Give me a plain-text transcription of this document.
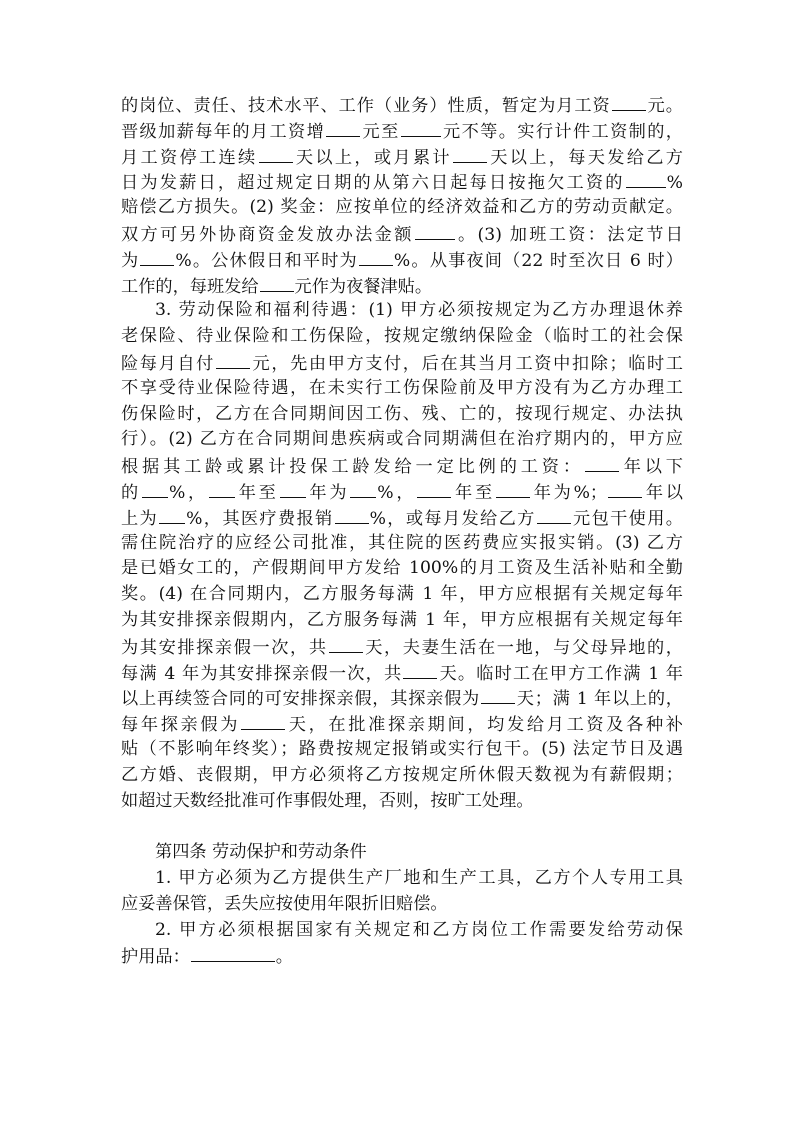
的岗位、责任、技术水平、工作（业务）性质，暂定为月工资 元。
晋级加薪每年的月工资增 元至 元不等。实行计件工资制的，
月工资停工连续 天以上，或月累计 天以上，每天发给乙方
日为发薪日，超过规定日期的从第六日起每日按拖欠工资的 %
赔偿乙方损失。(2) 奖金：应按单位的经济效益和乙方的劳动贡献定。
双方可另外协商资金发放办法金额 。(3) 加班工资：法定节日
为 %。公休假日和平时为 %。从事夜间（22 时至次日 6 时）
工作的，每班发给 元作为夜餐津贴。
3. 劳动保险和福利待遇：(1) 甲方必须按规定为乙方办理退休养
老保险、待业保险和工伤保险，按规定缴纳保险金（临时工的社会保
险每月自付 元，先由甲方支付，后在其当月工资中扣除；临时工
不享受待业保险待遇，在未实行工伤保险前及甲方没有为乙方办理工
伤保险时，乙方在合同期间因工伤、残、亡的，按现行规定、办法执
行）。(2) 乙方在合同期间患疾病或合同期满但在治疗期内的，甲方应
根据其工龄或累计投保工龄发给一定比例的工资： 年以下
的 %， 年至 年为 %， 年至 年为%； 年以
上为 %，其医疗费报销 %，或每月发给乙方 元包干使用。
需住院治疗的应经公司批准，其住院的医药费应实报实销。(3) 乙方
是已婚女工的，产假期间甲方发给 100%的月工资及生活补贴和全勤
奖。(4) 在合同期内，乙方服务每满 1 年，甲方应根据有关规定每年
为其安排探亲假期内，乙方服务每满 1 年，甲方应根据有关规定每年
为其安排探亲假一次，共 天，夫妻生活在一地，与父母异地的，
每满 4 年为其安排探亲假一次，共 天。临时工在甲方工作满 1 年
以上再续签合同的可安排探亲假，其探亲假为 天；满 1 年以上的，
每年探亲假为	天，在批准探亲期间，均发给月工资及各种补
贴（不影响年终奖）；路费按规定报销或实行包干。(5) 法定节日及遇
乙方婚、丧假期，甲方必须将乙方按规定所休假天数视为有薪假期；
如超过天数经批准可作事假处理，否则，按旷工处理。
第四条 劳动保护和劳动条件
1. 甲方必须为乙方提供生产厂地和生产工具，乙方个人专用工具
应妥善保管，丢失应按使用年限折旧赔偿。
2. 甲方必须根据国家有关规定和乙方岗位工作需要发给劳动保
护用品：	。
